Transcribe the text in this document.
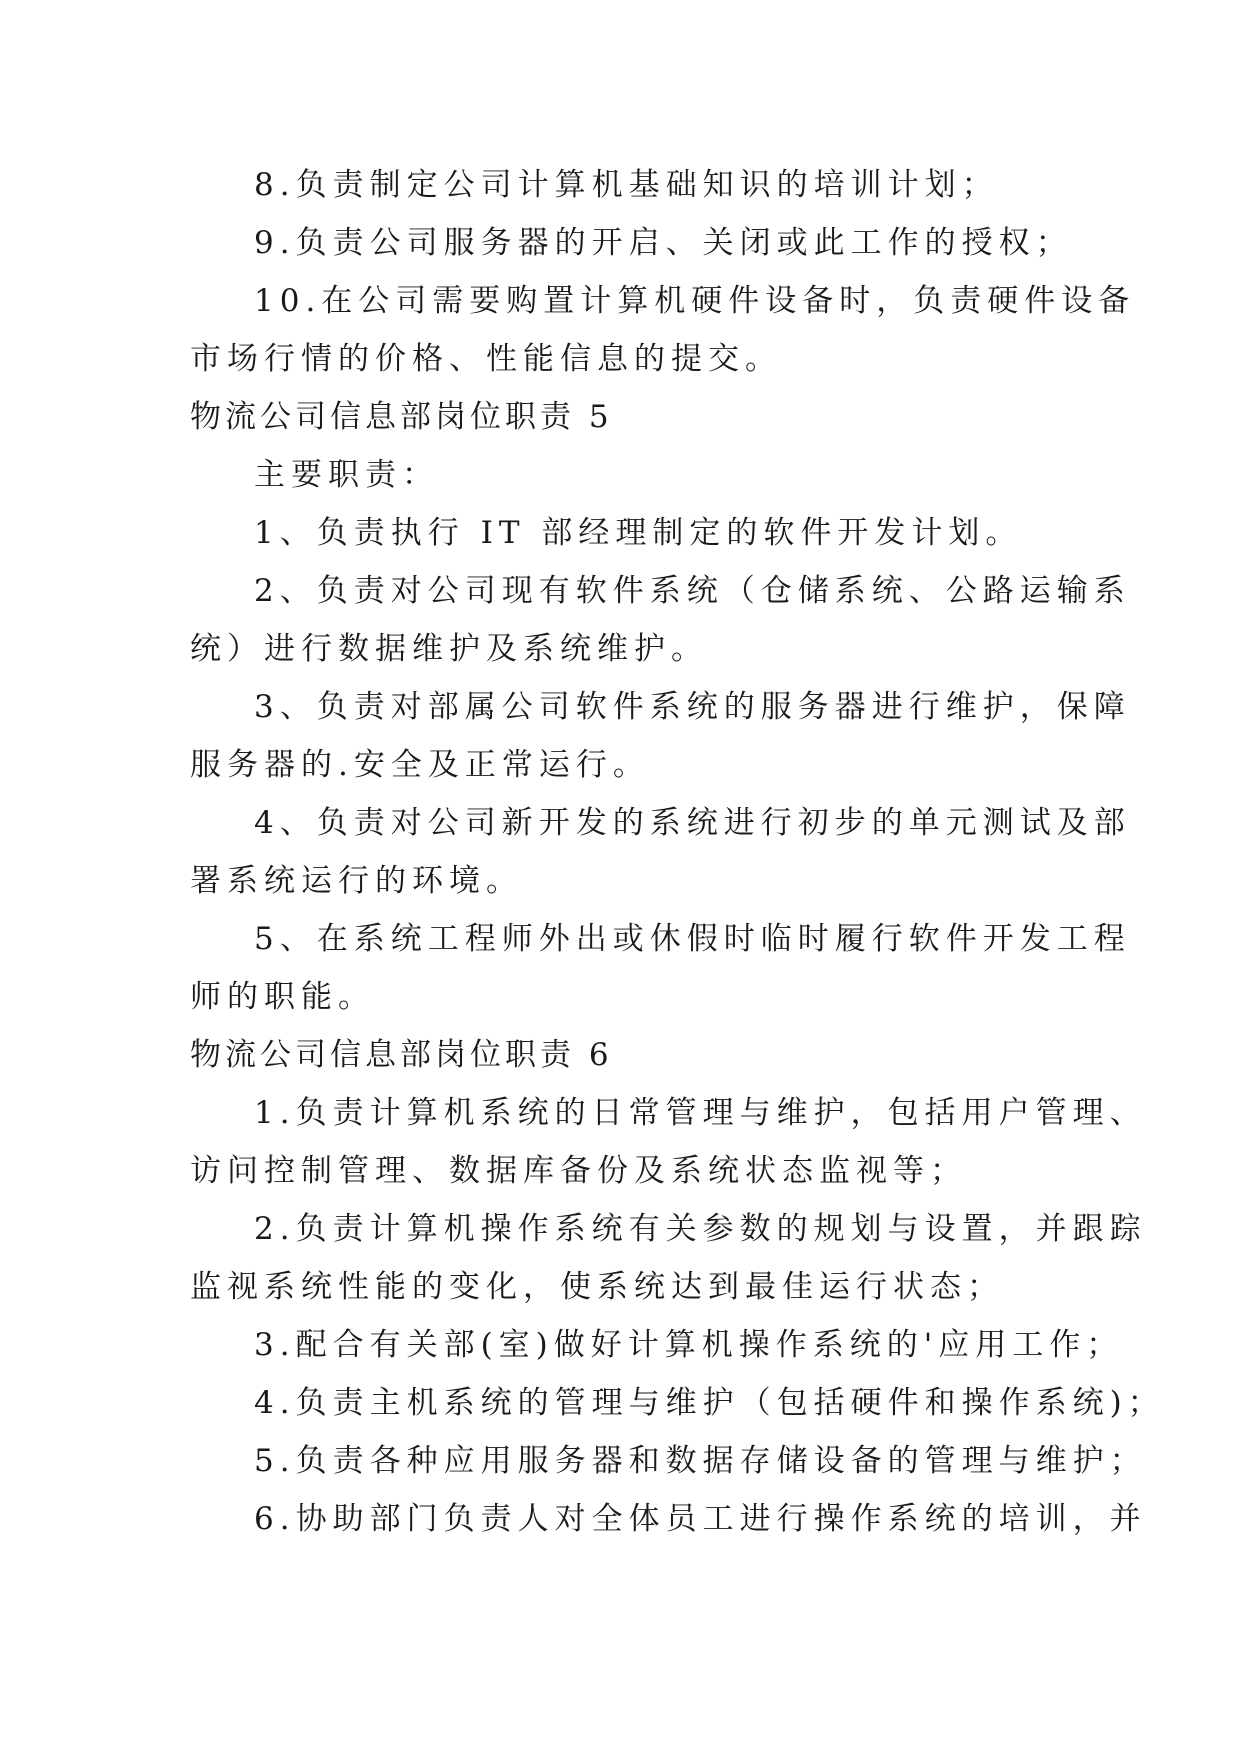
8.负责制定公司计算机基础知识的培训计划；
9.负责公司服务器的开启、关闭或此工作的授权；
10.在公司需要购置计算机硬件设备时，负责硬件设备
市场行情的价格、性能信息的提交。
物流公司信息部岗位职责 5
主要职责：
1、负责执行 IT 部经理制定的软件开发计划。
2、负责对公司现有软件系统（仓储系统、公路运输系
统）进行数据维护及系统维护。
3、负责对部属公司软件系统的服务器进行维护，保障
服务器的.安全及正常运行。
4、负责对公司新开发的系统进行初步的单元测试及部
署系统运行的环境。
5、在系统工程师外出或休假时临时履行软件开发工程
师的职能。
物流公司信息部岗位职责 6
1.负责计算机系统的日常管理与维护，包括用户管理、
访问控制管理、数据库备份及系统状态监视等；
2.负责计算机操作系统有关参数的规划与设置，并跟踪
监视系统性能的变化，使系统达到最佳运行状态；
3.配合有关部(室)做好计算机操作系统的'应用工作；
4.负责主机系统的管理与维护（包括硬件和操作系统)；
5.负责各种应用服务器和数据存储设备的管理与维护；
6.协助部门负责人对全体员工进行操作系统的培训，并
